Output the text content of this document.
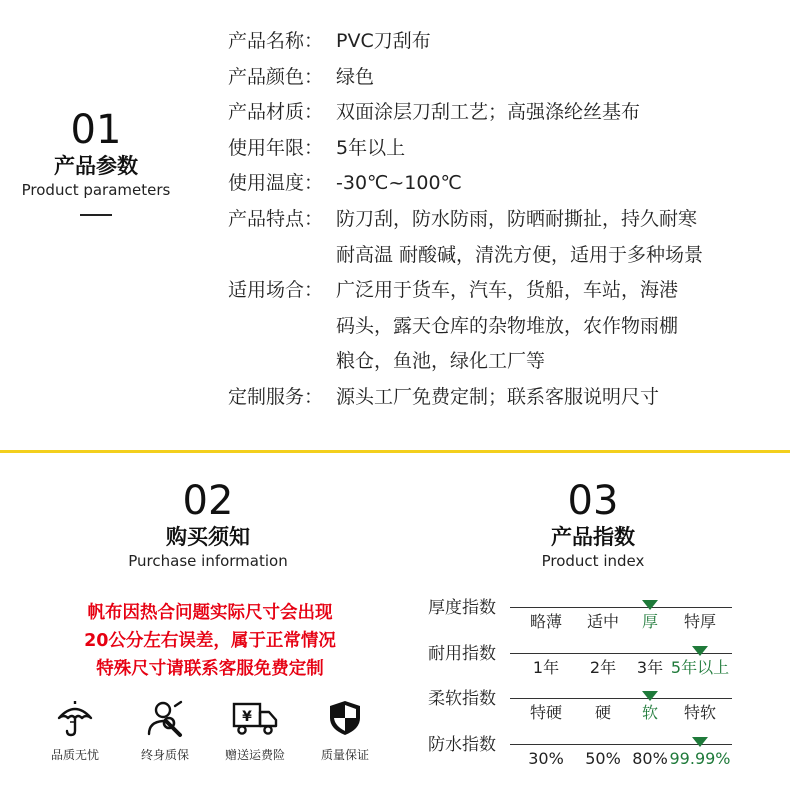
01
产品参数
Product parameters
产品名称： PVC刀刮布
产品颜色： 绿色
产品材质： 双面涂层刀刮工艺；高强涤纶丝基布
使用年限： 5年以上
使用温度： -30℃~100℃
产品特点： 防刀刮，防水防雨，防晒耐撕扯，持久耐寒
耐高温 耐酸碱，清洗方便，适用于多种场景
适用场合： 广泛用于货车，汽车，货船，车站，海港
码头，露天仓库的杂物堆放，农作物雨棚
粮仓，鱼池，绿化工厂等
定制服务： 源头工厂免费定制；联系客服说明尺寸
02
购买须知
Purchase information
帆布因热合问题实际尺寸会出现
20公分左右误差，属于正常情况
特殊尺寸请联系客服免费定制
品质无忧	终身质保
¥
赠送运费险	质量保证
03
产品指数
Product index
厚度指数
略薄 适中 厚 特厚
耐用指数
1年 2年 3年 5年以上
柔软指数
特硬 硬 软 特软
防水指数
30% 50% 80% 99.99%
